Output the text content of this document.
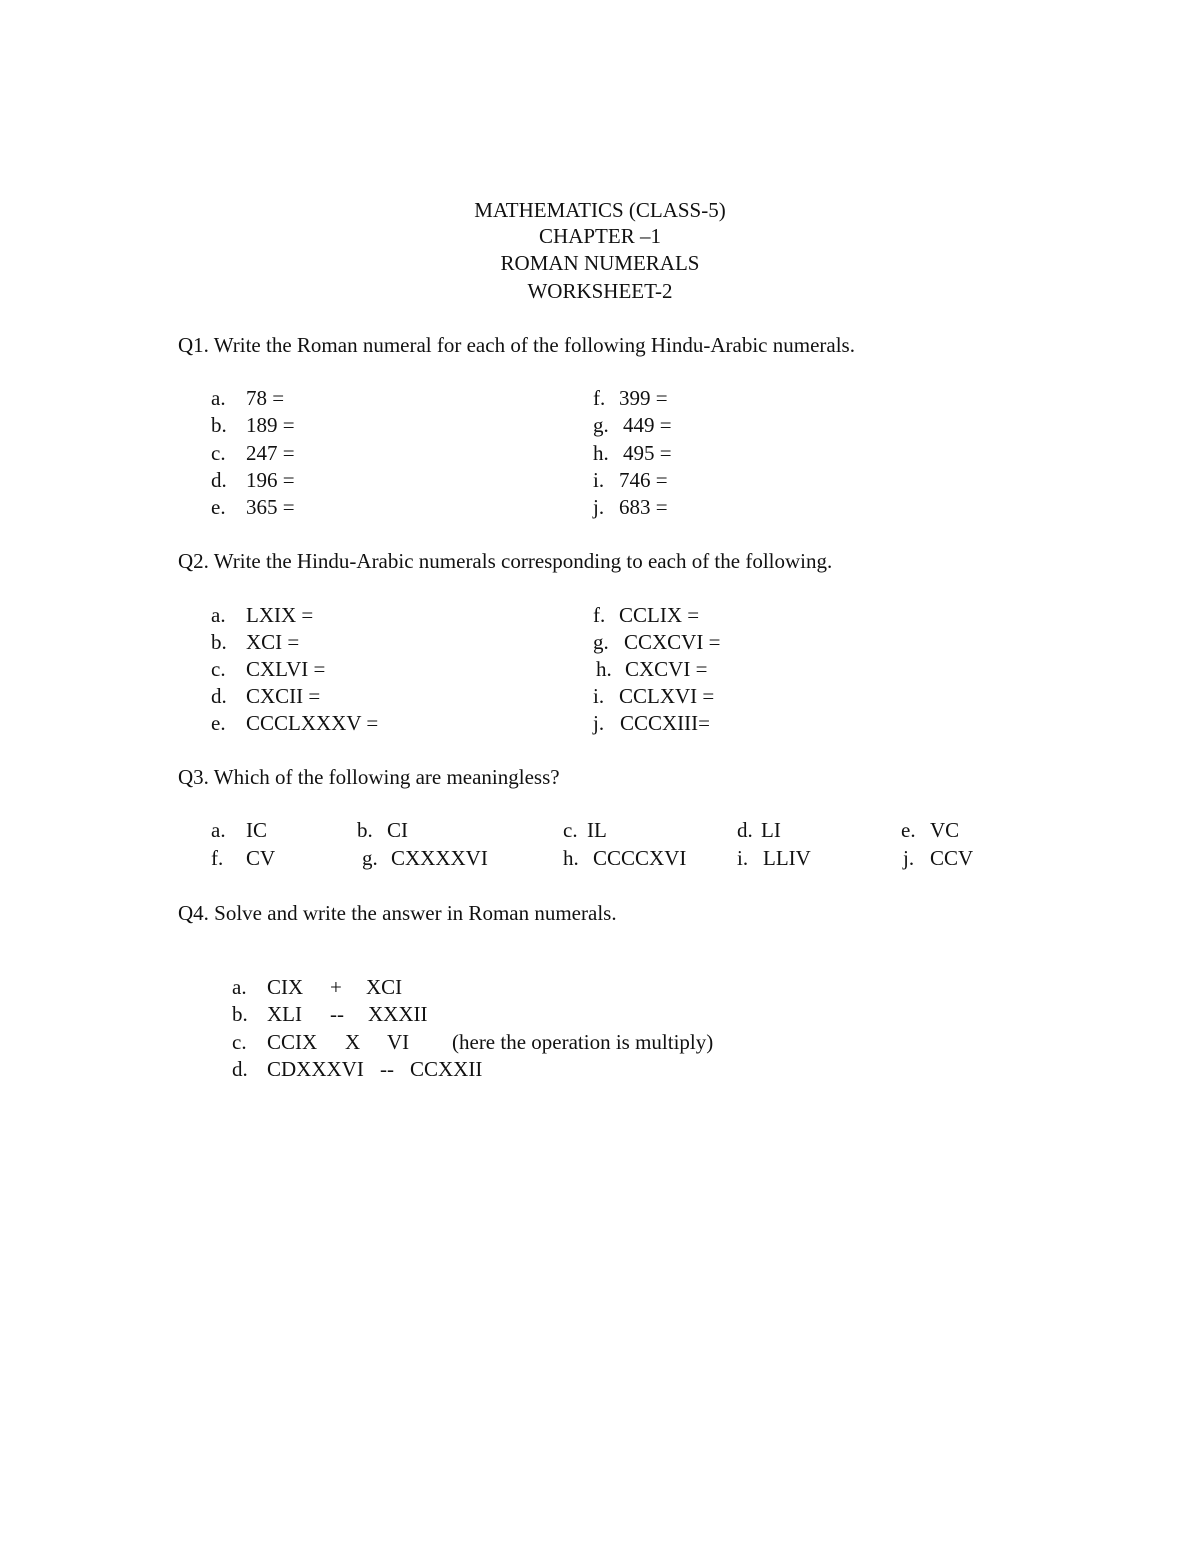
MATHEMATICS (CLASS-5)
CHAPTER –1
ROMAN NUMERALS
WORKSHEET-2
Q1. Write the Roman numeral for each of the following Hindu-Arabic numerals.
a. 78 =
b. 189 =
c. 247 =
d. 196 =
e. 365 =
f. 399 =
g. 449 =
h. 495 =
i. 746 =
j. 683 =
Q2. Write the Hindu-Arabic numerals corresponding to each of the following.
a. LXIX =
b. XCI =
c. CXLVI =
d. CXCII =
e. CCCLXXXV =
f. CCLIX =
g. CCXCVI =
h. CXCVI =
i. CCLXVI =
j. CCCXIII=
Q3. Which of the following are meaningless?
a. IC	b. CI	c. IL	d. LI	e. VC
f. CV	g. CXXXXVI	h. CCCCXVI i. LLIV	j. CCV
Q4. Solve and write the answer in Roman numerals.

a. CIX + XCI

b. XLI -- XXXII

c. CCIX X VI (here the operation is multiply)

d. CDXXXVI -- CCXXII
